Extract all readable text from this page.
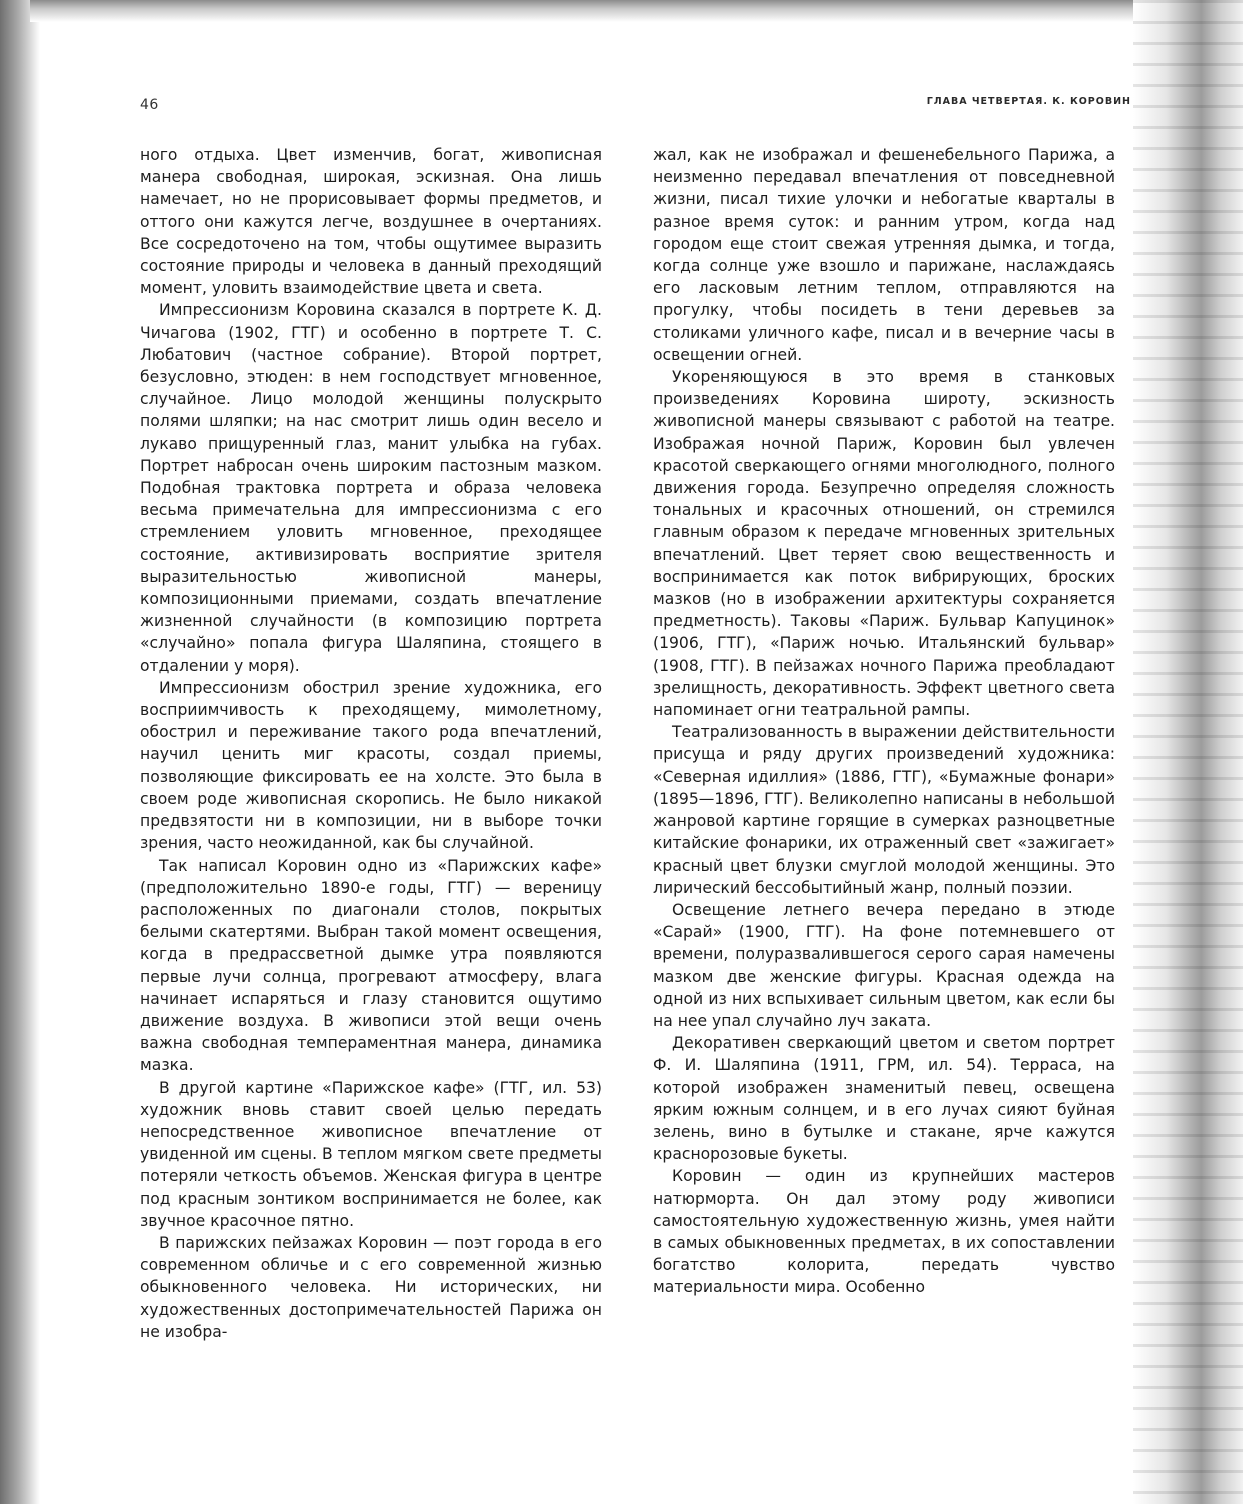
46	ГЛАВА ЧЕТВЕРТАЯ. К. КОРОВИН

ного отдыха. Цвет изменчив, богат, живописная манера свободная, широкая, эскизная. Она лишь намечает, но не прорисовывает формы предметов, и оттого они кажутся легче, воздушнее в очертаниях. Все сосредоточено на том, чтобы ощутимее выразить состояние природы и человека в данный преходящий момент, уловить взаимодействие цвета и света.

Импрессионизм Коровина сказался в портрете К. Д. Чичагова (1902, ГТГ) и особенно в портрете Т. С. Любатович (частное собрание). Второй портрет, безусловно, этюден: в нем господствует мгновенное, случайное. Лицо молодой женщины полускрыто полями шляпки; на нас смотрит лишь один весело и лукаво прищуренный глаз, манит улыбка на губах. Портрет набросан очень широким пастозным мазком. Подобная трактовка портрета и образа человека весьма примечательна для импрессионизма с его стремлением уловить мгновенное, преходящее состояние, активизировать восприятие зрителя выразительностью живописной манеры, композиционными приемами, создать впечатление жизненной случайности (в композицию портрета «случайно» попала фигура Шаляпина, стоящего в отдалении у моря).

Импрессионизм обострил зрение художника, его восприимчивость к преходящему, мимолетному, обострил и переживание такого рода впечатлений, научил ценить миг красоты, создал приемы, позволяющие фиксировать ее на холсте. Это была в своем роде живописная скоропись. Не было никакой предвзятости ни в композиции, ни в выборе точки зрения, часто неожиданной, как бы случайной.

Так написал Коровин одно из «Парижских кафе» (предположительно 1890-е годы, ГТГ) — вереницу расположенных по диагонали столов, покрытых белыми скатертями. Выбран такой момент освещения, когда в предрассветной дымке утра появляются первые лучи солнца, прогревают атмосферу, влага начинает испаряться и глазу становится ощутимо движение воздуха. В живописи этой вещи очень важна свободная темпераментная манера, динамика мазка.

В другой картине «Парижское кафе» (ГТГ, ил. 53) художник вновь ставит своей целью передать непосредственное живописное впечатление от увиденной им сцены. В теплом мягком свете предметы потеряли четкость объемов. Женская фигура в центре под красным зонтиком воспринимается не более, как звучное красочное пятно.

В парижских пейзажах Коровин — поэт города в его современном обличье и с его современной жизнью обыкновенного человека. Ни исторических, ни художественных достопримечательностей Парижа он не изобра-

жал, как не изображал и фешенебельного Парижа, а неизменно передавал впечатления от повседневной жизни, писал тихие улочки и небогатые кварталы в разное время суток: и ранним утром, когда над городом еще стоит свежая утренняя дымка, и тогда, когда солнце уже взошло и парижане, наслаждаясь его ласковым летним теплом, отправляются на прогулку, чтобы посидеть в тени деревьев за столиками уличного кафе, писал и в вечерние часы в освещении огней.

Укореняющуюся в это время в станковых произведениях Коровина широту, эскизность живописной манеры связывают с работой на театре. Изображая ночной Париж, Коровин был увлечен красотой сверкающего огнями многолюдного, полного движения города. Безупречно определяя сложность тональных и красочных отношений, он стремился главным образом к передаче мгновенных зрительных впечатлений. Цвет теряет свою вещественность и воспринимается как поток вибрирующих, броских мазков (но в изображении архитектуры сохраняется предметность). Таковы «Париж. Бульвар Капуцинок» (1906, ГТГ), «Париж ночью. Итальянский бульвар» (1908, ГТГ). В пейзажах ночного Парижа преобладают зрелищность, декоративность. Эффект цветного света напоминает огни театральной рампы.

Театрализованность в выражении действительности присуща и ряду других произведений художника: «Северная идиллия» (1886, ГТГ), «Бумажные фонари» (1895—1896, ГТГ). Великолепно написаны в небольшой жанровой картине горящие в сумерках разноцветные китайские фонарики, их отраженный свет «зажигает» красный цвет блузки смуглой молодой женщины. Это лирический бессобытийный жанр, полный поэзии.

Освещение летнего вечера передано в этюде «Сарай» (1900, ГТГ). На фоне потемневшего от времени, полуразвалившегося серого сарая намечены мазком две женские фигуры. Красная одежда на одной из них вспыхивает сильным цветом, как если бы на нее упал случайно луч заката.

Декоративен сверкающий цветом и светом портрет Ф. И. Шаляпина (1911, ГРМ, ил. 54). Терраса, на которой изображен знаменитый певец, освещена ярким южным солнцем, и в его лучах сияют буйная зелень, вино в бутылке и стакане, ярче кажутся краснорозовые букеты.

Коровин — один из крупнейших мастеров натюрморта. Он дал этому роду живописи самостоятельную художественную жизнь, умея найти в самых обыкновенных предметах, в их сопоставлении богатство колорита, передать чувство материальности мира. Особенно
